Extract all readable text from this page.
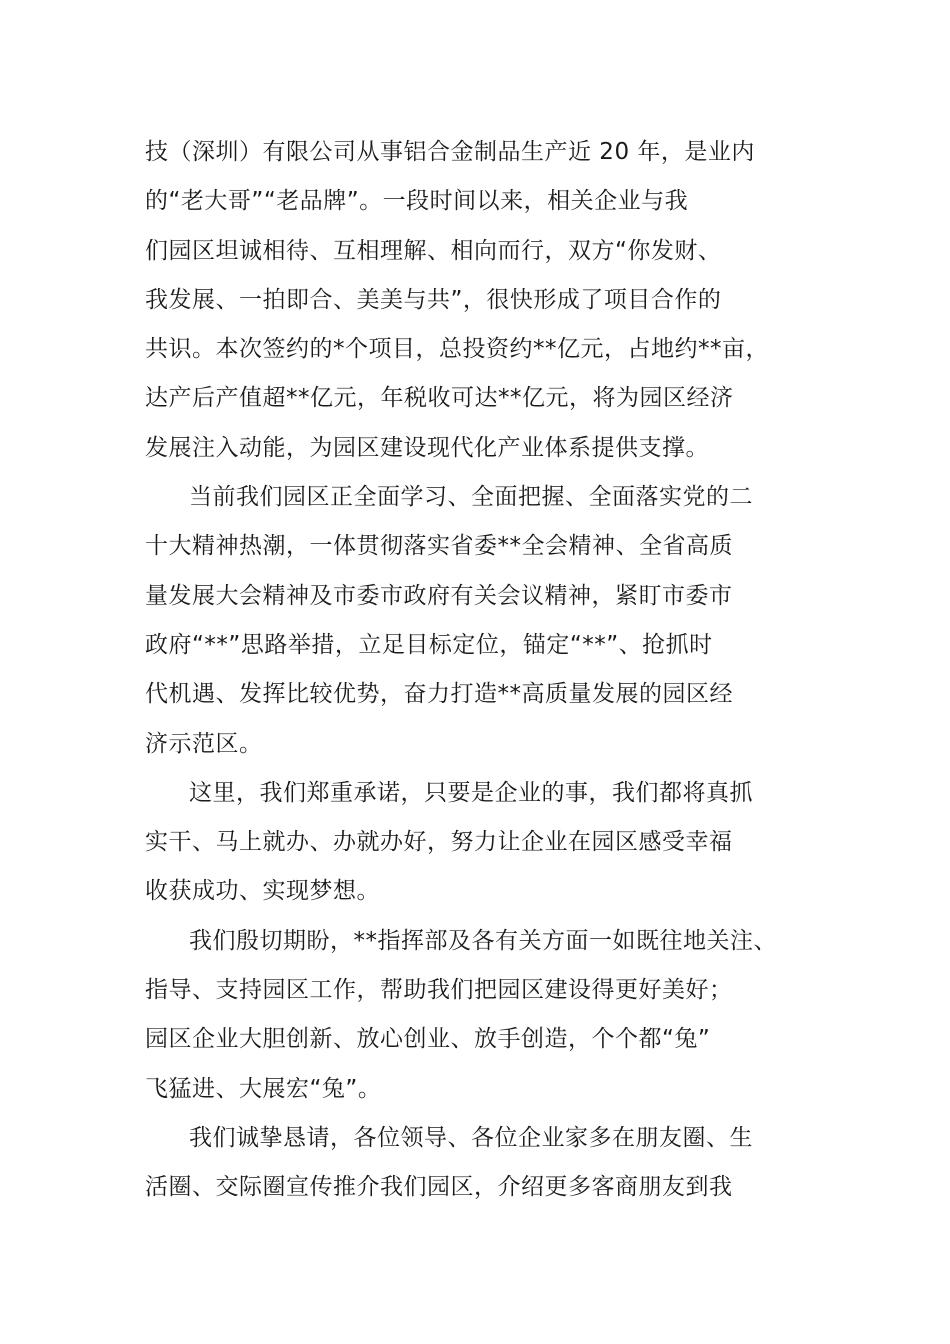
技（深圳）有限公司从事铝合金制品生产近 20 年，是业内
的“老大哥”“老品牌”。一段时间以来，相关企业与我
们园区坦诚相待、互相理解、相向而行，双方“你发财、
我发展、一拍即合、美美与共”，很快形成了项目合作的
共识。本次签约的*个项目，总投资约**亿元，占地约**亩，
达产后产值超**亿元，年税收可达**亿元，将为园区经济
发展注入动能，为园区建设现代化产业体系提供支撑。
当前我们园区正全面学习、全面把握、全面落实党的二
十大精神热潮，一体贯彻落实省委**全会精神、全省高质
量发展大会精神及市委市政府有关会议精神，紧盯市委市
政府“**”思路举措，立足目标定位，锚定“**”、抢抓时
代机遇、发挥比较优势，奋力打造**高质量发展的园区经
济示范区。
这里，我们郑重承诺，只要是企业的事，我们都将真抓
实干、马上就办、办就办好，努力让企业在园区感受幸福
收获成功、实现梦想。
我们殷切期盼，**指挥部及各有关方面一如既往地关注、
指导、支持园区工作，帮助我们把园区建设得更好美好；
园区企业大胆创新、放心创业、放手创造，个个都“兔”
飞猛进、大展宏“兔”。
我们诚挚恳请，各位领导、各位企业家多在朋友圈、生
活圈、交际圈宣传推介我们园区，介绍更多客商朋友到我
